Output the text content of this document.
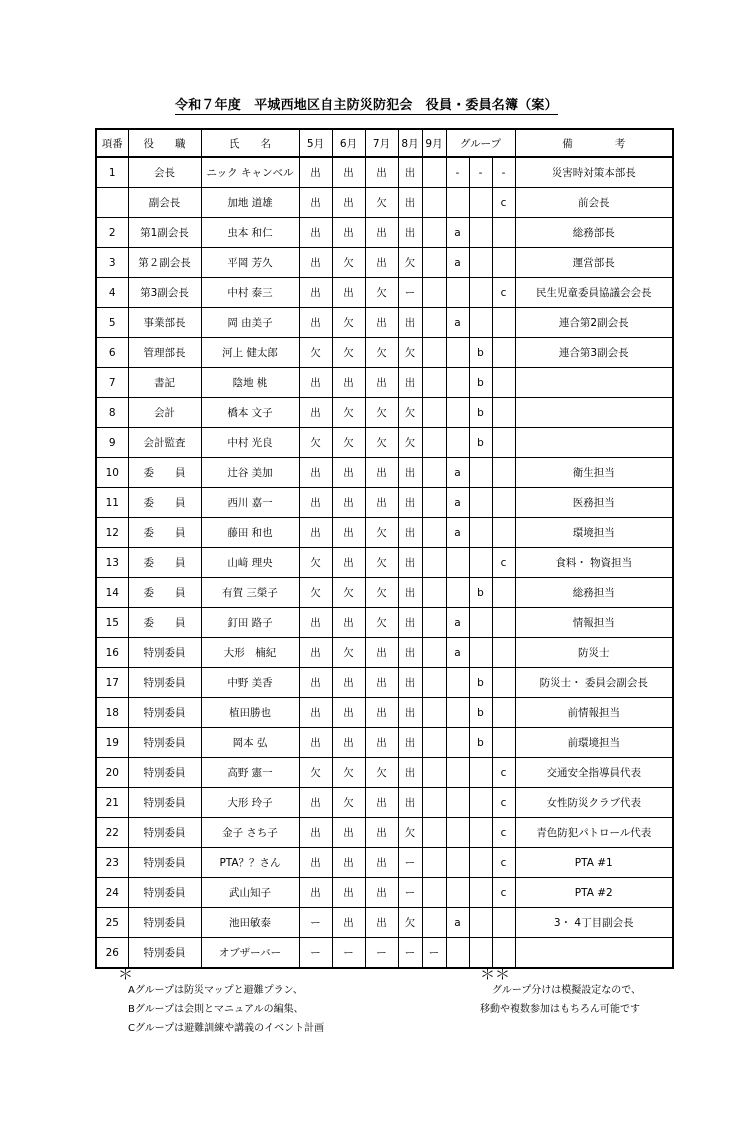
令和７年度　平城西地区自主防災防犯会　役員・委員名簿（案）
項番	役　　職	氏　　名	5月	6月	7月	8月	9月	グループ			備　　　　考
1	会長	ニック キャンベル	出	出	出	出		-	-	-	災害時対策本部長
	副会長	加地 道雄	出	出	欠	出				c	前会長
2	第1副会長	虫本 和仁	出	出	出	出		a			総務部長
3	第２副会長	平岡 芳久	出	欠	出	欠		a			運営部長
4	第3副会長	中村 泰三	出	出	欠	ー				c	民生児童委員協議会会長
5	事業部長	岡 由美子	出	欠	出	出		a			連合第2副会長
6	管理部長	河上 健太郎	欠	欠	欠	欠			b		連合第3副会長
7	書記	陰地 桃	出	出	出	出			b		
8	会計	橋本 文子	出	欠	欠	欠			b		
9	会計監査	中村 光良	欠	欠	欠	欠			b		
10	委　　員	辻谷 美加	出	出	出	出		a			衛生担当
11	委　　員	西川 嘉一	出	出	出	出		a			医務担当
12	委　　員	藤田 和也	出	出	欠	出		a			環境担当
13	委　　員	山﨑 理央	欠	出	欠	出				c	食料・ 物資担当
14	委　　員	有賀 三榮子	欠	欠	欠	出			b		総務担当
15	委　　員	釘田 路子	出	出	欠	出		a			情報担当
16	特別委員	大形　楠紀	出	欠	出	出		a			防災士
17	特別委員	中野 美香	出	出	出	出			b		防災士・ 委員会副会長
18	特別委員	植田勝也	出	出	出	出			b		前情報担当
19	特別委員	岡本 弘	出	出	出	出			b		前環境担当
20	特別委員	高野 憲一	欠	欠	欠	出				c	交通安全指導員代表
21	特別委員	大形 玲子	出	欠	出	出				c	女性防災クラブ代表
22	特別委員	金子 さち子	出	出	出	欠				c	青色防犯パトロール代表
23	特別委員	PTA？？さん	出	出	出	ー				c	PTA #1
24	特別委員	武山知子	出	出	出	ー				c	PTA #2
25	特別委員	池田敏泰	ー	出	出	欠		a			3・ 4丁目副会長
26	特別委員	オブザーバー	ー	ー	ー	ー	ー				
＊
Aグループは防災マップと避難プラン、
Bグループは会則とマニュアルの編集、
Cグループは避難訓練や講義のイベント計画
＊＊
グループ分けは模擬設定なので、
移動や複数参加はもちろん可能です
